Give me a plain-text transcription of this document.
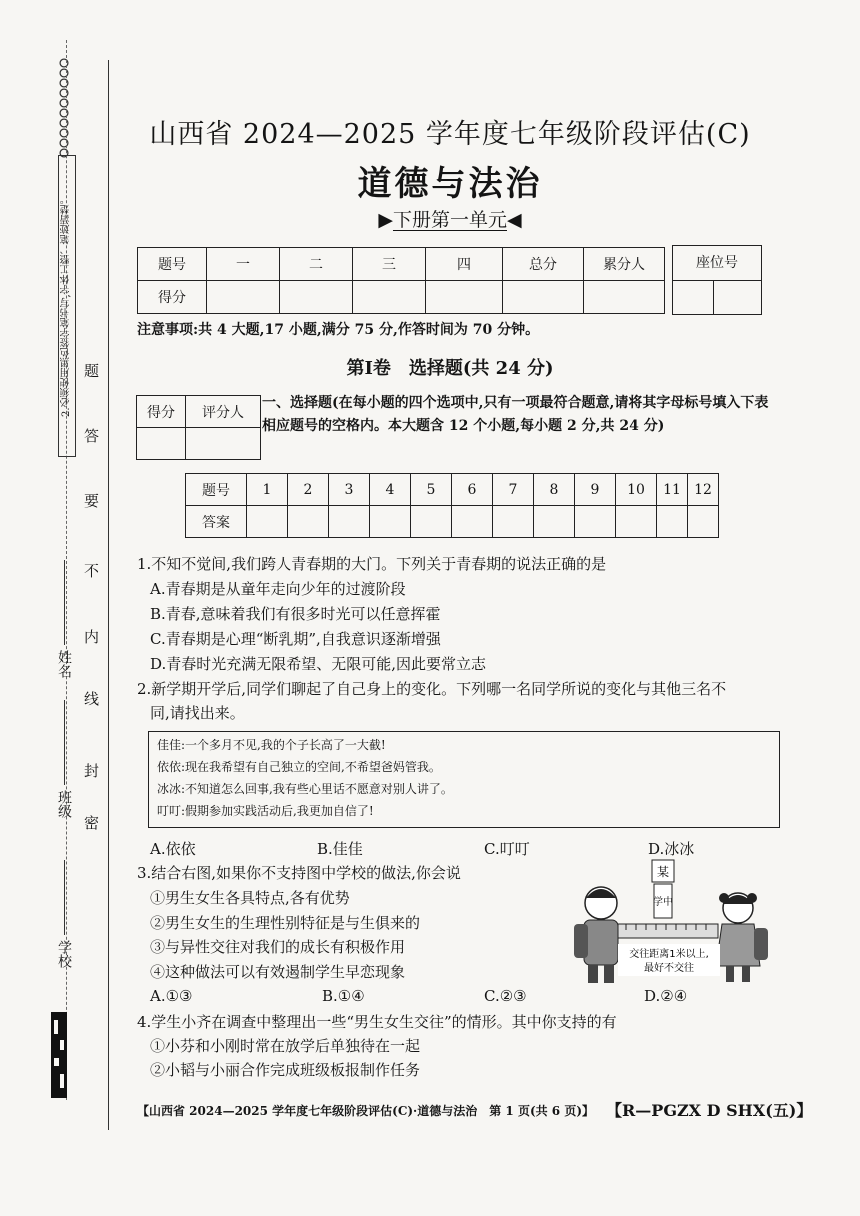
2.必须使用黑色签字笔书写,字体工整、笔迹清楚。
学校
班级
姓名
密
封
线
内
不
要
答
题
山西省 2024—2025 学年度七年级阶段评估(C)
道德与法治
▶下册第一单元◀
题号	一	二	三	四	总分	累分人
得分						
座位号
注意事项:共 4 大题,17 小题,满分 75 分,作答时间为 70 分钟。
第Ⅰ卷　选择题(共 24 分)
得分	评分人

一、选择题(在每小题的四个选项中,只有一项最符合题意,请将其字母标号填入下表相应题号的空格内。本大题含 12 个小题,每小题 2 分,共 24 分)
题号	1	2	3	4	5	6	7	8	9	10	11	12
答案												
1.不知不觉间,我们跨人青春期的大门。下列关于青春期的说法正确的是
A.青春期是从童年走向少年的过渡阶段
B.青春,意味着我们有很多时光可以任意挥霍
C.青春期是心理“断乳期”,自我意识逐渐增强
D.青春时光充满无限希望、无限可能,因此要常立志
2.新学期开学后,同学们聊起了自己身上的变化。下列哪一名同学所说的变化与其他三名不
同,请找出来。
佳佳:一个多月不见,我的个子长高了一大截!
依依:现在我希望有自己独立的空间,不希望爸妈管我。
冰冰:不知道怎么回事,我有些心里话不愿意对别人讲了。
叮叮:假期参加实践活动后,我更加自信了!
A.依依	B.佳佳	C.叮叮	D.冰冰
3.结合右图,如果你不支持图中学校的做法,你会说
①男生女生各具特点,各有优势
②男生女生的生理性别特征是与生俱来的
③与异性交往对我们的成长有积极作用
④这种做法可以有效遏制学生早恋现象
A.①③	B.①④	C.②③	D.②④
某
学中
交往距离1米以上,
最好不交往
4.学生小齐在调查中整理出一些“男生女生交往”的情形。其中你支持的有
①小芬和小刚时常在放学后单独待在一起
②小韬与小丽合作完成班级板报制作任务
【山西省 2024—2025 学年度七年级阶段评估(C)·道德与法治　第 1 页(共 6 页)】 【R—PGZX D SHX(五)】
